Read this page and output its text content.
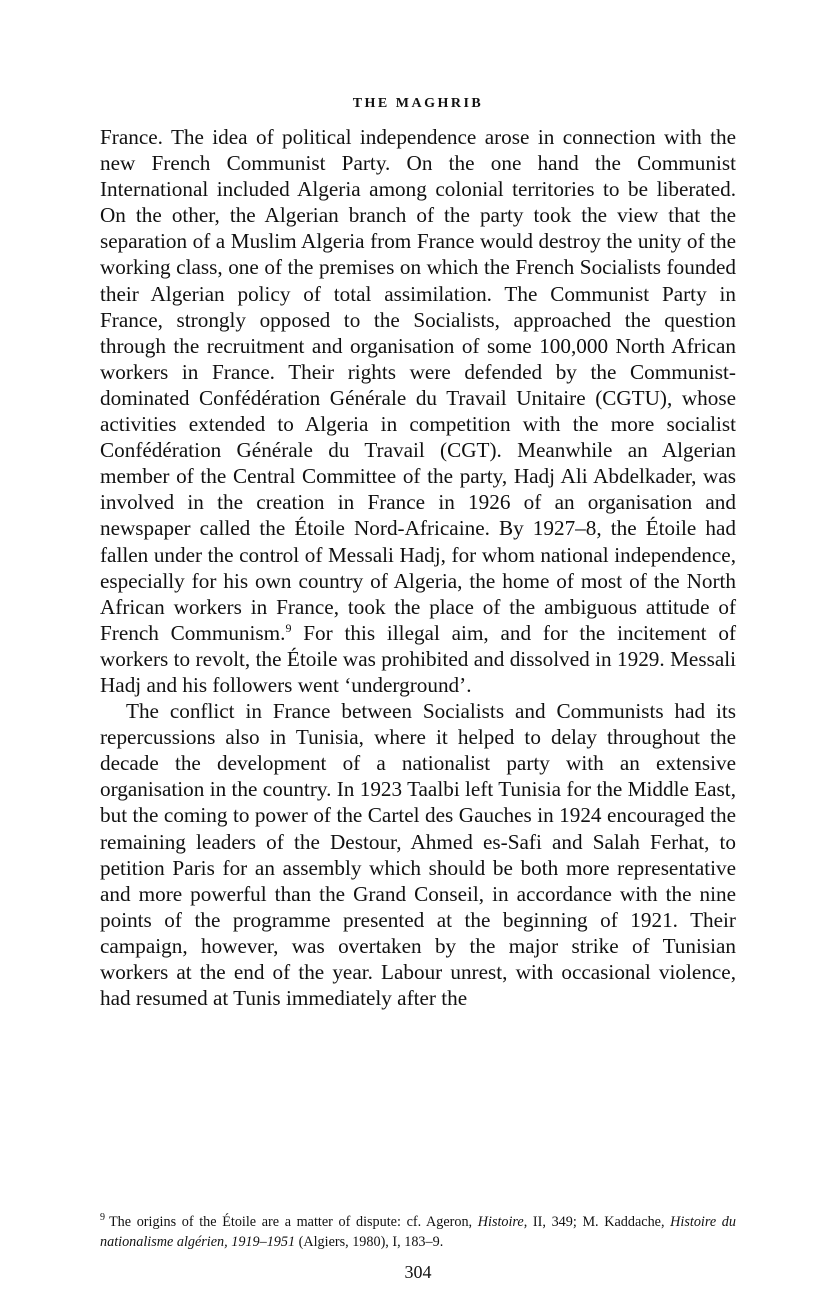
THE MAGHRIB

France. The idea of political independence arose in connection with the new French Communist Party. On the one hand the Communist International included Algeria among colonial territories to be liberated. On the other, the Algerian branch of the party took the view that the separation of a Muslim Algeria from France would destroy the unity of the working class, one of the premises on which the French Socialists founded their Algerian policy of total assimilation. The Communist Party in France, strongly opposed to the Socialists, approached the question through the recruitment and organisation of some 100,000 North African workers in France. Their rights were defended by the Communist-dominated Confédération Générale du Travail Unitaire (CGTU), whose activities extended to Algeria in competition with the more socialist Confédération Générale du Travail (CGT). Meanwhile an Algerian member of the Central Committee of the party, Hadj Ali Abdelkader, was involved in the creation in France in 1926 of an organisation and newspaper called the Étoile Nord-Africaine. By 1927–8, the Étoile had fallen under the control of Messali Hadj, for whom national independence, especially for his own country of Algeria, the home of most of the North African workers in France, took the place of the ambiguous attitude of French Communism.$^9$ For this illegal aim, and for the incitement of workers to revolt, the Étoile was prohibited and dissolved in 1929. Messali Hadj and his followers went ‘underground’.

The conflict in France between Socialists and Communists had its repercussions also in Tunisia, where it helped to delay throughout the decade the development of a nationalist party with an extensive organisation in the country. In 1923 Taalbi left Tunisia for the Middle East, but the coming to power of the Cartel des Gauches in 1924 encouraged the remaining leaders of the Destour, Ahmed es-Safi and Salah Ferhat, to petition Paris for an assembly which should be both more representative and more powerful than the Grand Conseil, in accordance with the nine points of the programme presented at the beginning of 1921. Their campaign, however, was overtaken by the major strike of Tunisian workers at the end of the year. Labour unrest, with occasional violence, had resumed at Tunis immediately after the

$^9$ The origins of the Étoile are a matter of dispute: cf. Ageron, Histoire, II, 349; M. Kaddache, Histoire du nationalisme algérien, 1919–1951 (Algiers, 1980), I, 183–9.
304
